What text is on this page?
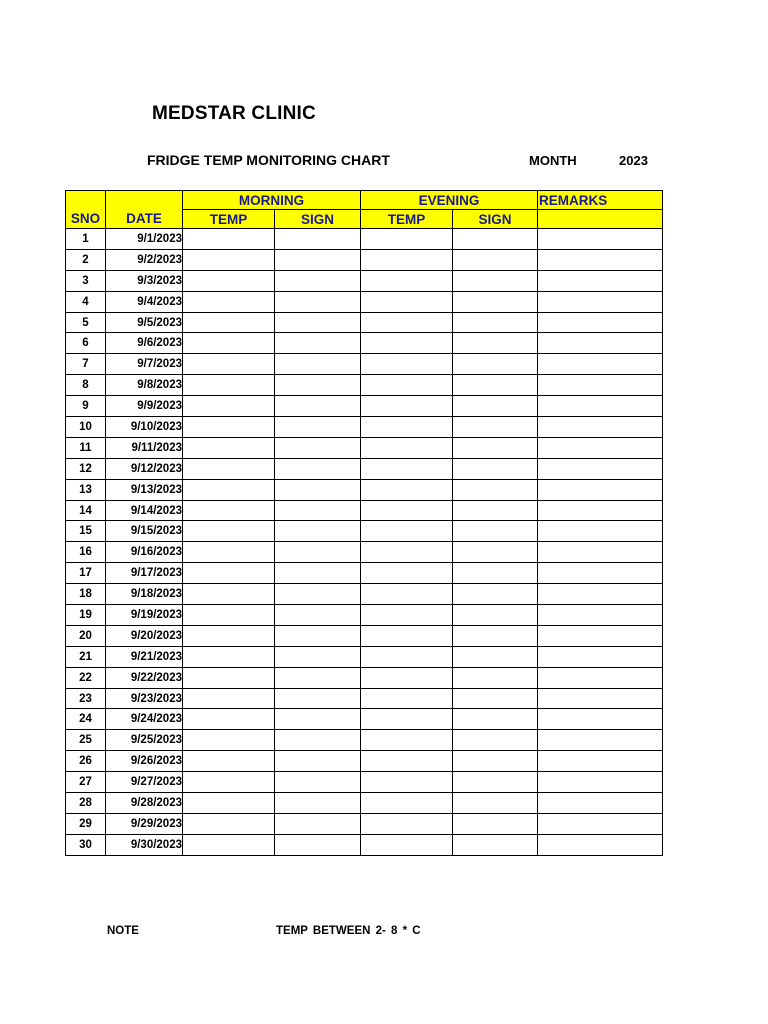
MEDSTAR CLINIC
FRIDGE TEMP MONITORING CHART	MONTH	2023
		MORNING		EVENING		REMARKS
SNO	DATE	TEMP	SIGN	TEMP	SIGN	
1	9/1/2023					
2	9/2/2023					
3	9/3/2023					
4	9/4/2023					
5	9/5/2023					
6	9/6/2023					
7	9/7/2023					
8	9/8/2023					
9	9/9/2023					
10	9/10/2023					
11	9/11/2023					
12	9/12/2023					
13	9/13/2023					
14	9/14/2023					
15	9/15/2023					
16	9/16/2023					
17	9/17/2023					
18	9/18/2023					
19	9/19/2023					
20	9/20/2023					
21	9/21/2023					
22	9/22/2023					
23	9/23/2023					
24	9/24/2023					
25	9/25/2023					
26	9/26/2023					
27	9/27/2023					
28	9/28/2023					
29	9/29/2023					
30	9/30/2023					
NOTE	TEMP BETWEEN 2- 8 * C
